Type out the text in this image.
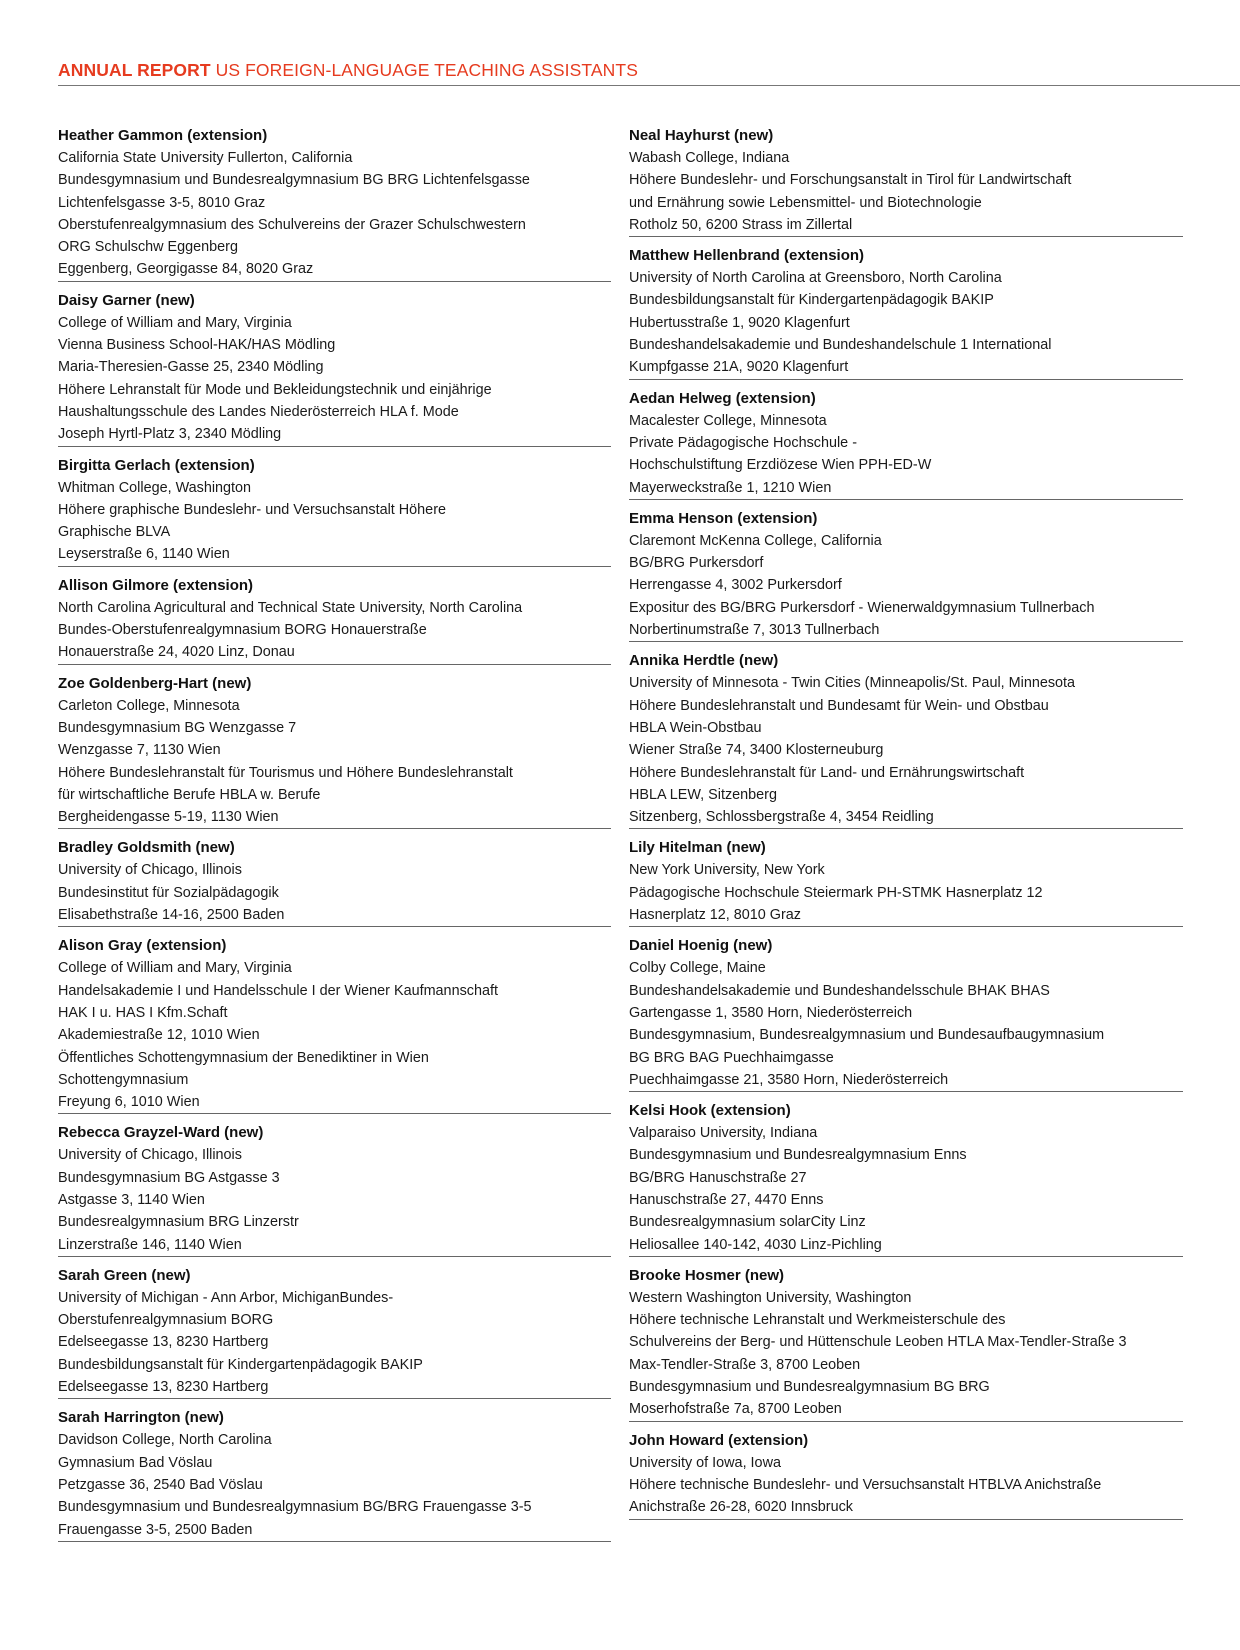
ANNUAL REPORT US FOREIGN-LANGUAGE TEACHING ASSISTANTS
Heather Gammon (extension)
California State University Fullerton, California
Bundesgymnasium und Bundesrealgymnasium BG BRG Lichtenfelsgasse
Lichtenfelsgasse 3-5, 8010 Graz
Oberstufenrealgymnasium des Schulvereins der Grazer Schulschwestern
ORG Schulschw Eggenberg
Eggenberg, Georgigasse 84, 8020 Graz
Daisy Garner (new)
College of William and Mary, Virginia
Vienna Business School-HAK/HAS Mödling
Maria-Theresien-Gasse 25, 2340 Mödling
Höhere Lehranstalt für Mode und Bekleidungstechnik und einjährige
Haushaltungsschule des Landes Niederösterreich HLA f. Mode
Joseph Hyrtl-Platz 3, 2340 Mödling
Birgitta Gerlach (extension)
Whitman College, Washington
Höhere graphische Bundeslehr- und Versuchsanstalt Höhere
Graphische BLVA
Leyserstraße 6, 1140 Wien
Allison Gilmore (extension)
North Carolina Agricultural and Technical State University, North Carolina
Bundes-Oberstufenrealgymnasium BORG Honauerstraße
Honauerstraße 24, 4020 Linz, Donau
Zoe Goldenberg-Hart (new)
Carleton College, Minnesota
Bundesgymnasium BG Wenzgasse 7
Wenzgasse 7, 1130 Wien
Höhere Bundeslehranstalt für Tourismus und Höhere Bundeslehranstalt
für wirtschaftliche Berufe HBLA w. Berufe
Bergheidengasse 5-19, 1130 Wien
Bradley Goldsmith (new)
University of Chicago, Illinois
Bundesinstitut für Sozialpädagogik
Elisabethstraße 14-16, 2500 Baden
Alison Gray (extension)
College of William and Mary, Virginia
Handelsakademie I und Handelsschule I der Wiener Kaufmannschaft
HAK I u. HAS I Kfm.Schaft
Akademiestraße 12, 1010 Wien
Öffentliches Schottengymnasium der Benediktiner in Wien
Schottengymnasium
Freyung 6, 1010 Wien
Rebecca Grayzel-Ward (new)
University of Chicago, Illinois
Bundesgymnasium BG Astgasse 3
Astgasse 3, 1140 Wien
Bundesrealgymnasium BRG Linzerstr
Linzerstraße 146, 1140 Wien
Sarah Green (new)
University of Michigan - Ann Arbor, MichiganBundes-
Oberstufenrealgymnasium BORG
Edelseegasse 13, 8230 Hartberg
Bundesbildungsanstalt für Kindergartenpädagogik BAKIP
Edelseegasse 13, 8230 Hartberg
Sarah Harrington (new)
Davidson College, North Carolina
Gymnasium Bad Vöslau
Petzgasse 36, 2540 Bad Vöslau
Bundesgymnasium und Bundesrealgymnasium BG/BRG Frauengasse 3-5
Frauengasse 3-5, 2500 Baden
Neal Hayhurst (new)
Wabash College, Indiana
Höhere Bundeslehr- und Forschungsanstalt in Tirol für Landwirtschaft
und Ernährung sowie Lebensmittel- und Biotechnologie
Rotholz 50, 6200 Strass im Zillertal
Matthew Hellenbrand (extension)
University of North Carolina at Greensboro, North Carolina
Bundesbildungsanstalt für Kindergartenpädagogik BAKIP
Hubertusstraße 1, 9020 Klagenfurt
Bundeshandelsakademie und Bundeshandelschule 1 International
Kumpfgasse 21A, 9020 Klagenfurt
Aedan Helweg (extension)
Macalester College, Minnesota
Private Pädagogische Hochschule -
Hochschulstiftung Erzdiözese Wien PPH-ED-W
Mayerweckstraße 1, 1210 Wien
Emma Henson (extension)
Claremont McKenna College, California
BG/BRG Purkersdorf
Herrengasse 4, 3002 Purkersdorf
Expositur des BG/BRG Purkersdorf - Wienerwaldgymnasium Tullnerbach
Norbertinumstraße 7, 3013 Tullnerbach
Annika Herdtle (new)
University of Minnesota - Twin Cities (Minneapolis/St. Paul, Minnesota
Höhere Bundeslehranstalt und Bundesamt für Wein- und Obstbau
HBLA Wein-Obstbau
Wiener Straße 74, 3400 Klosterneuburg
Höhere Bundeslehranstalt für Land- und Ernährungswirtschaft
HBLA LEW, Sitzenberg
Sitzenberg, Schlossbergstraße 4, 3454 Reidling
Lily Hitelman (new)
New York University, New York
Pädagogische Hochschule Steiermark PH-STMK Hasnerplatz 12
Hasnerplatz 12, 8010 Graz
Daniel Hoenig (new)
Colby College, Maine
Bundeshandelsakademie und Bundeshandelsschule BHAK BHAS
Gartengasse 1, 3580 Horn, Niederösterreich
Bundesgymnasium, Bundesrealgymnasium und Bundesaufbaugymnasium
BG BRG BAG Puechhaimgasse
Puechhaimgasse 21, 3580 Horn, Niederösterreich
Kelsi Hook (extension)
Valparaiso University, Indiana
Bundesgymnasium und Bundesrealgymnasium Enns
BG/BRG Hanuschstraße 27
Hanuschstraße 27, 4470 Enns
Bundesrealgymnasium solarCity Linz
Heliosallee 140-142, 4030 Linz-Pichling
Brooke Hosmer (new)
Western Washington University, Washington
Höhere technische Lehranstalt und Werkmeisterschule des
Schulvereins der Berg- und Hüttenschule Leoben HTLA Max-Tendler-Straße 3
Max-Tendler-Straße 3, 8700 Leoben
Bundesgymnasium und Bundesrealgymnasium BG BRG
Moserhofstraße 7a, 8700 Leoben
John Howard (extension)
University of Iowa, Iowa
Höhere technische Bundeslehr- und Versuchsanstalt HTBLVA Anichstraße
Anichstraße 26-28, 6020 Innsbruck
